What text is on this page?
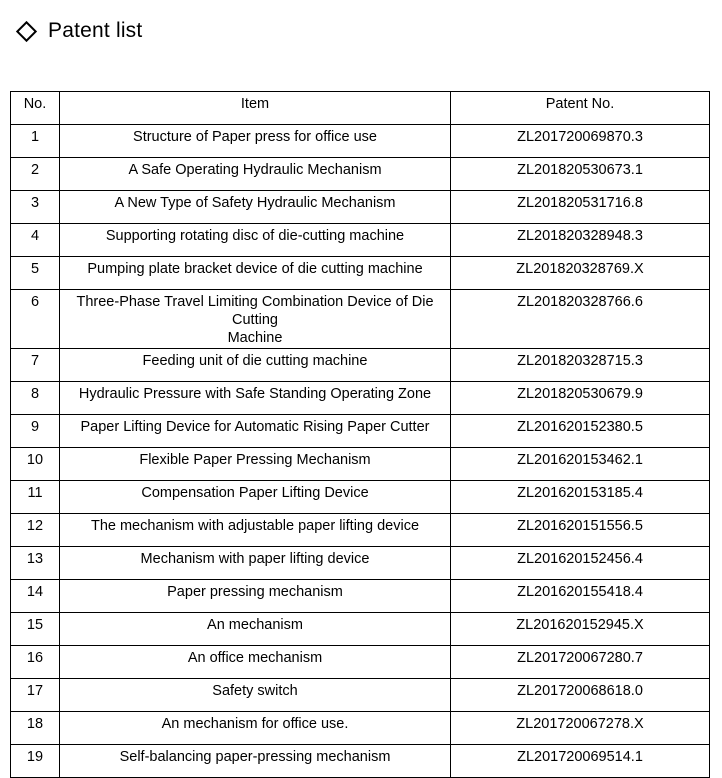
Patent list
No.	Item	Patent No.
1	Structure of Paper press for office use	ZL201720069870.3
2	A Safe Operating Hydraulic Mechanism	ZL201820530673.1
3	A New Type of Safety Hydraulic Mechanism	ZL201820531716.8
4	Supporting rotating disc of die-cutting machine	ZL201820328948.3
5	Pumping plate bracket device of die cutting machine	ZL201820328769.X
6	Three-Phase Travel Limiting Combination Device of Die
Cutting
Machine	ZL201820328766.6
7	Feeding unit of die cutting machine	ZL201820328715.3
8	Hydraulic Pressure with Safe Standing Operating Zone	ZL201820530679.9
9	Paper Lifting Device for Automatic Rising Paper Cutter	ZL201620152380.5
10	Flexible Paper Pressing Mechanism	ZL201620153462.1
11	Compensation Paper Lifting Device	ZL201620153185.4
12	The mechanism with adjustable paper lifting device	ZL201620151556.5
13	Mechanism with paper lifting device	ZL201620152456.4
14	Paper pressing mechanism	ZL201620155418.4
15	An mechanism	ZL201620152945.X
16	An office mechanism	ZL201720067280.7
17	Safety switch	ZL201720068618.0
18	An mechanism for office use.	ZL201720067278.X
19	Self-balancing paper-pressing mechanism	ZL201720069514.1
